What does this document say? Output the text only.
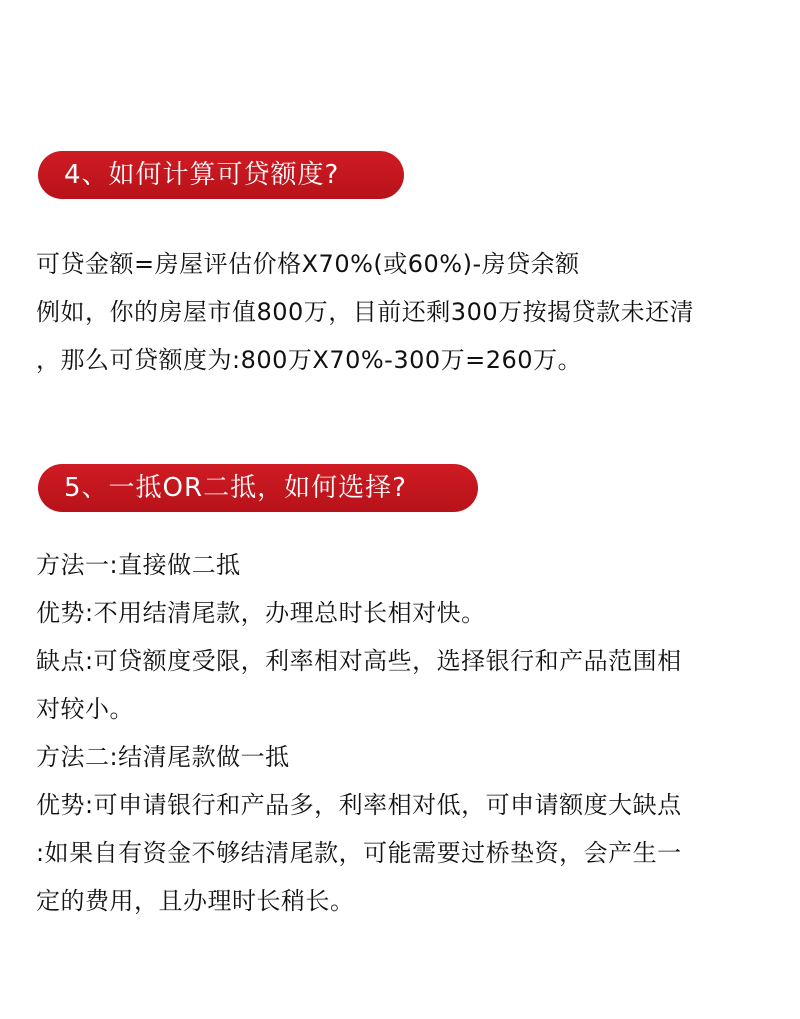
4、如何计算可贷额度?
可贷金额=房屋评估价格X70%(或60%)-房贷余额
例如，你的房屋市值800万，目前还剩300万按揭贷款未还清
，那么可贷额度为:800万X70%-300万=260万。
5、一抵OR二抵，如何选择?
方法一:直接做二抵
优势:不用结清尾款，办理总时长相对快。
缺点:可贷额度受限，利率相对高些，选择银行和产品范围相
对较小。
方法二:结清尾款做一抵
优势:可申请银行和产品多，利率相对低，可申请额度大缺点
:如果自有资金不够结清尾款，可能需要过桥垫资，会产生一
定的费用，且办理时长稍长。
